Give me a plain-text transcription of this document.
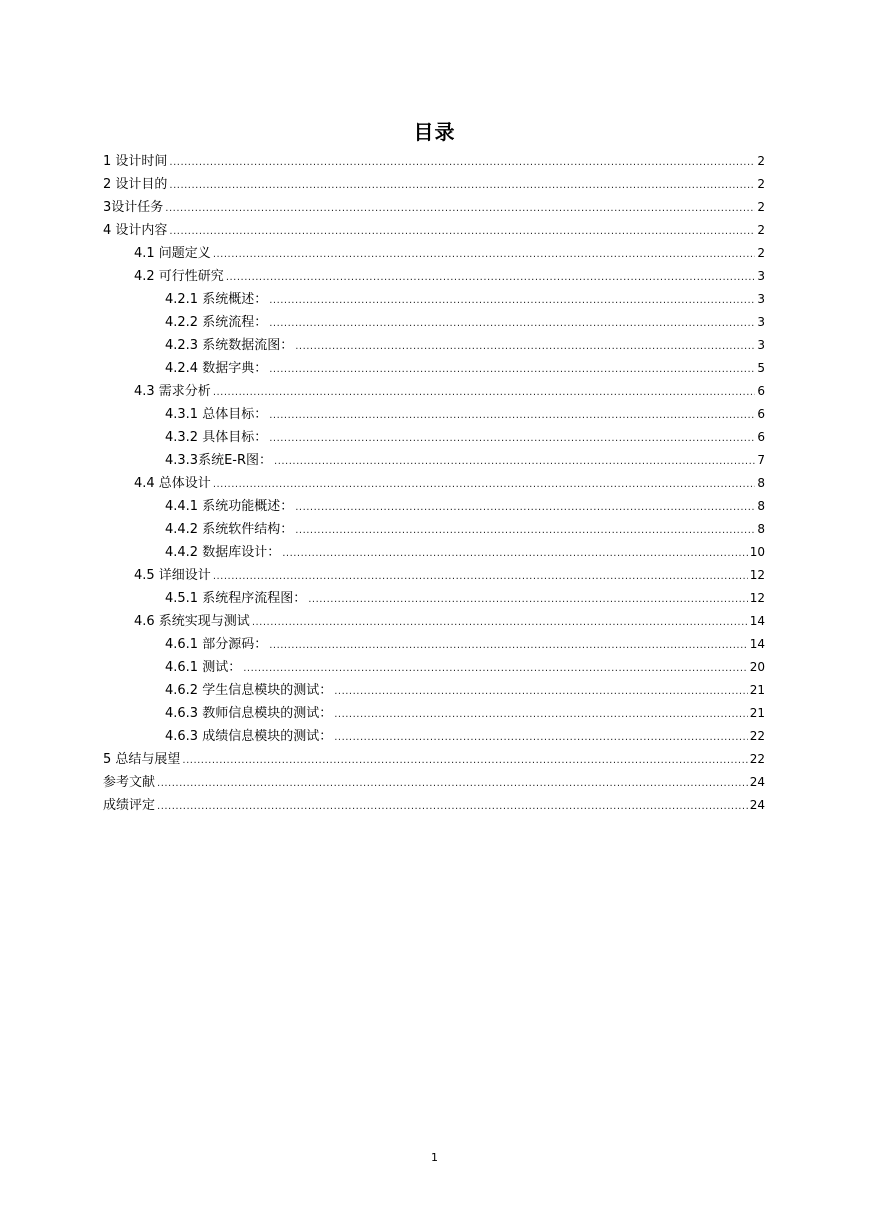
目录
1 设计时间 .....	2
2 设计目的 .....	2
3设计任务 .....	2
4 设计内容 .....	2
4.1 问题定义 .....	2
4.2 可行性研究 .....	3
4.2.1 系统概述： .....	3
4.2.2 系统流程： .....	3
4.2.3 系统数据流图： .....	3
4.2.4 数据字典： .....	5
4.3 需求分析 .....	6
4.3.1 总体目标： .....	6
4.3.2 具体目标： .....	6
4.3.3系统E-R图： .....	7
4.4 总体设计 .....	8
4.4.1 系统功能概述： .....	8
4.4.2 系统软件结构： .....	8
4.4.2 数据库设计： .....	10
4.5 详细设计 .....	12
4.5.1 系统程序流程图： .....	12
4.6 系统实现与测试 .....	14
4.6.1 部分源码： .....	14
4.6.1 测试： .....	20
4.6.2 学生信息模块的测试： .....	21
4.6.3 教师信息模块的测试： .....	21
4.6.3 成绩信息模块的测试： .....	22
5 总结与展望 .....	22
参考文献 .....	24
成绩评定 .....	24
1
